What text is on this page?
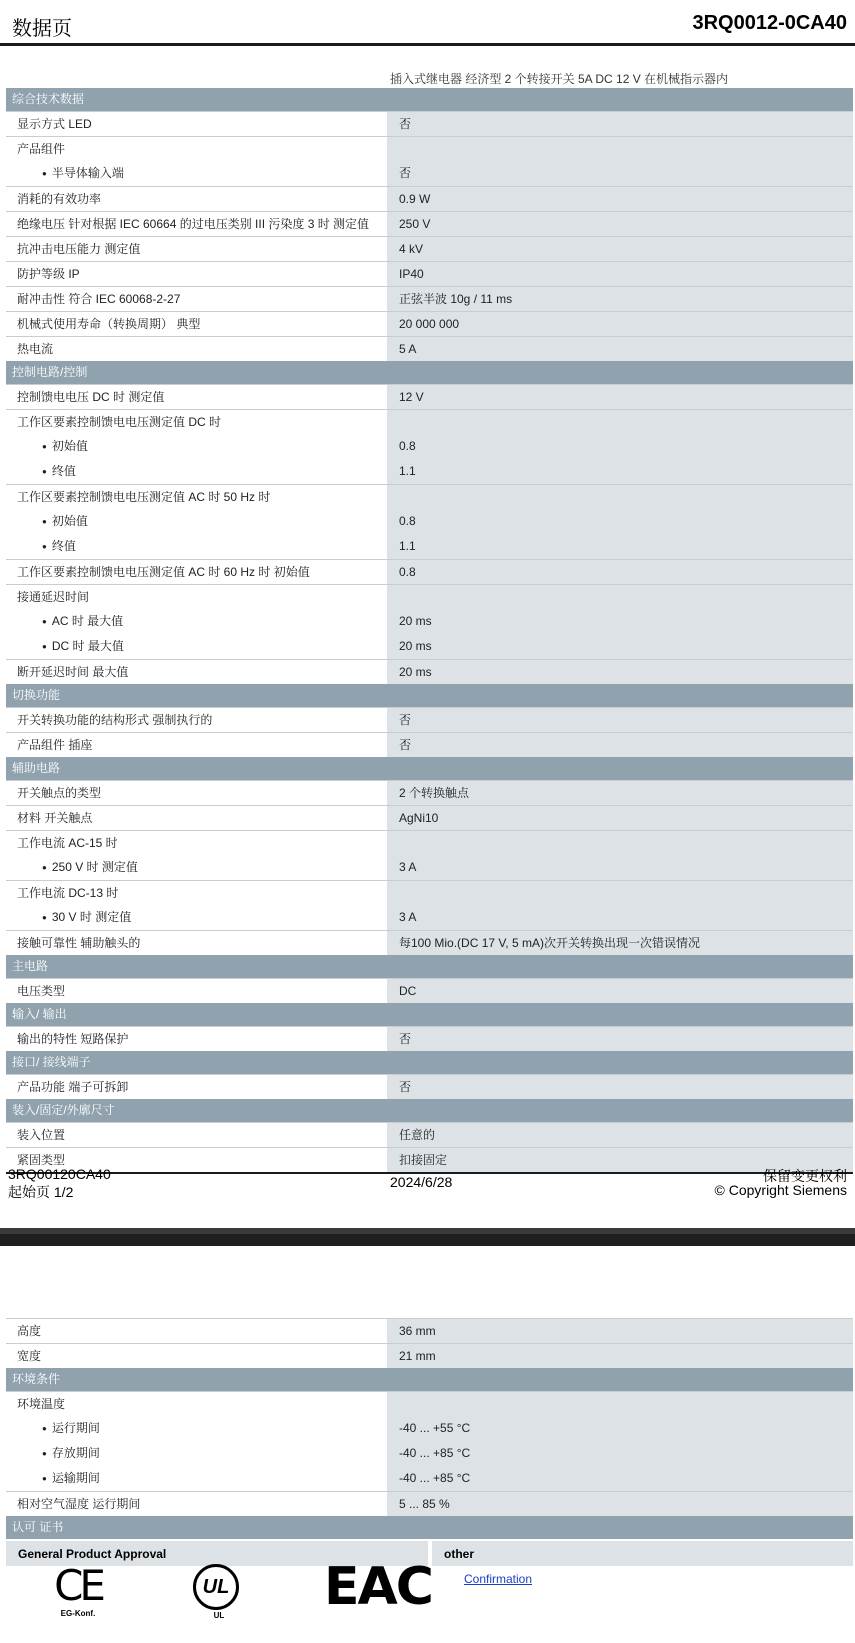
数据页	3RQ0012-0CA40
插入式继电器 经济型 2 个转接开关 5A DC 12 V 在机械指示器内
综合技术数据
显示方式 LED	否
产品组件
● 半导体输入端	否
消耗的有效功率	0.9 W
绝缘电压 针对根据 IEC 60664 的过电压类别 III 污染度 3 时 测定值	250 V
抗冲击电压能力 测定值	4 kV
防护等级 IP	IP40
耐冲击性 符合 IEC 60068-2-27	正弦半波 10g / 11 ms
机械式使用寿命（转换周期） 典型	20 000 000
热电流	5 A
控制电路/控制
控制馈电电压 DC 时 测定值	12 V
工作区要素控制馈电电压测定值 DC 时
● 初始值	0.8
● 终值	1.1
工作区要素控制馈电电压测定值 AC 时 50 Hz 时
● 初始值	0.8
● 终值	1.1
工作区要素控制馈电电压测定值 AC 时 60 Hz 时 初始值	0.8
接通延迟时间
● AC 时 最大值	20 ms
● DC 时 最大值	20 ms
断开延迟时间 最大值	20 ms
切换功能
开关转换功能的结构形式 强制执行的	否
产品组件 插座	否
辅助电路
开关触点的类型	2 个转换触点
材料 开关触点	AgNi10
工作电流 AC-15 时
● 250 V 时 测定值	3 A
工作电流 DC-13 时
● 30 V 时 测定值	3 A
接触可靠性 辅助触头的	每100 Mio.(DC 17 V, 5 mA)次开关转换出现一次错误情况
主电路
电压类型	DC
输入/ 输出
输出的特性 短路保护	否
接口/ 接线端子
产品功能 端子可拆卸	否
装入/固定/外廓尺寸
装入位置	任意的
紧固类型	扣接固定
3RQ00120CA40
起始页 1/2
2024/6/28	保留变更权利
© Copyright Siemens
高度	36 mm
宽度	21 mm
环境条件
环境温度
● 运行期间	-40 ... +55 °C
● 存放期间	-40 ... +85 °C
● 运输期间	-40 ... +85 °C
相对空气湿度 运行期间	5 ... 85 %
认可 证书
General Product Approval	other
CE
EG-Konf.
UL
UL	EAC	Confirmation
